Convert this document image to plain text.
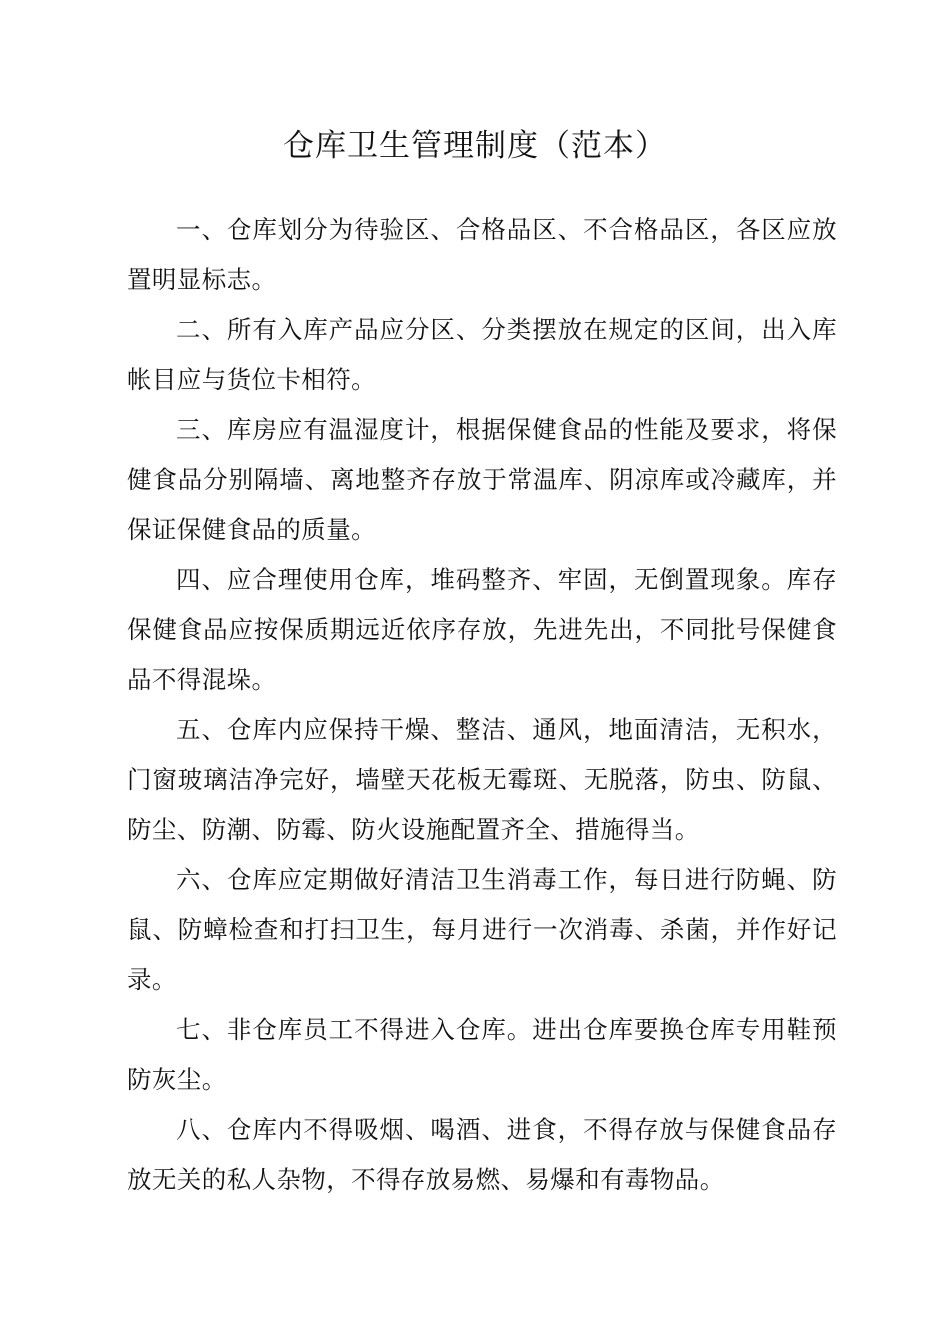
仓库卫生管理制度（范本）

一、仓库划分为待验区、合格品区、不合格品区，各区应放置明显标志。

二、所有入库产品应分区、分类摆放在规定的区间，出入库帐目应与货位卡相符。

三、库房应有温湿度计，根据保健食品的性能及要求，将保健食品分别隔墙、离地整齐存放于常温库、阴凉库或冷藏库，并保证保健食品的质量。

四、应合理使用仓库，堆码整齐、牢固，无倒置现象。库存保健食品应按保质期远近依序存放，先进先出，不同批号保健食品不得混垛。

五、仓库内应保持干燥、整洁、通风，地面清洁，无积水，门窗玻璃洁净完好，墙壁天花板无霉斑、无脱落，防虫、防鼠、防尘、防潮、防霉、防火设施配置齐全、措施得当。

六、仓库应定期做好清洁卫生消毒工作，每日进行防蝇、防鼠、防蟑检查和打扫卫生，每月进行一次消毒、杀菌，并作好记录。

七、非仓库员工不得进入仓库。进出仓库要换仓库专用鞋预防灰尘。

八、仓库内不得吸烟、喝酒、进食，不得存放与保健食品存放无关的私人杂物，不得存放易燃、易爆和有毒物品。
